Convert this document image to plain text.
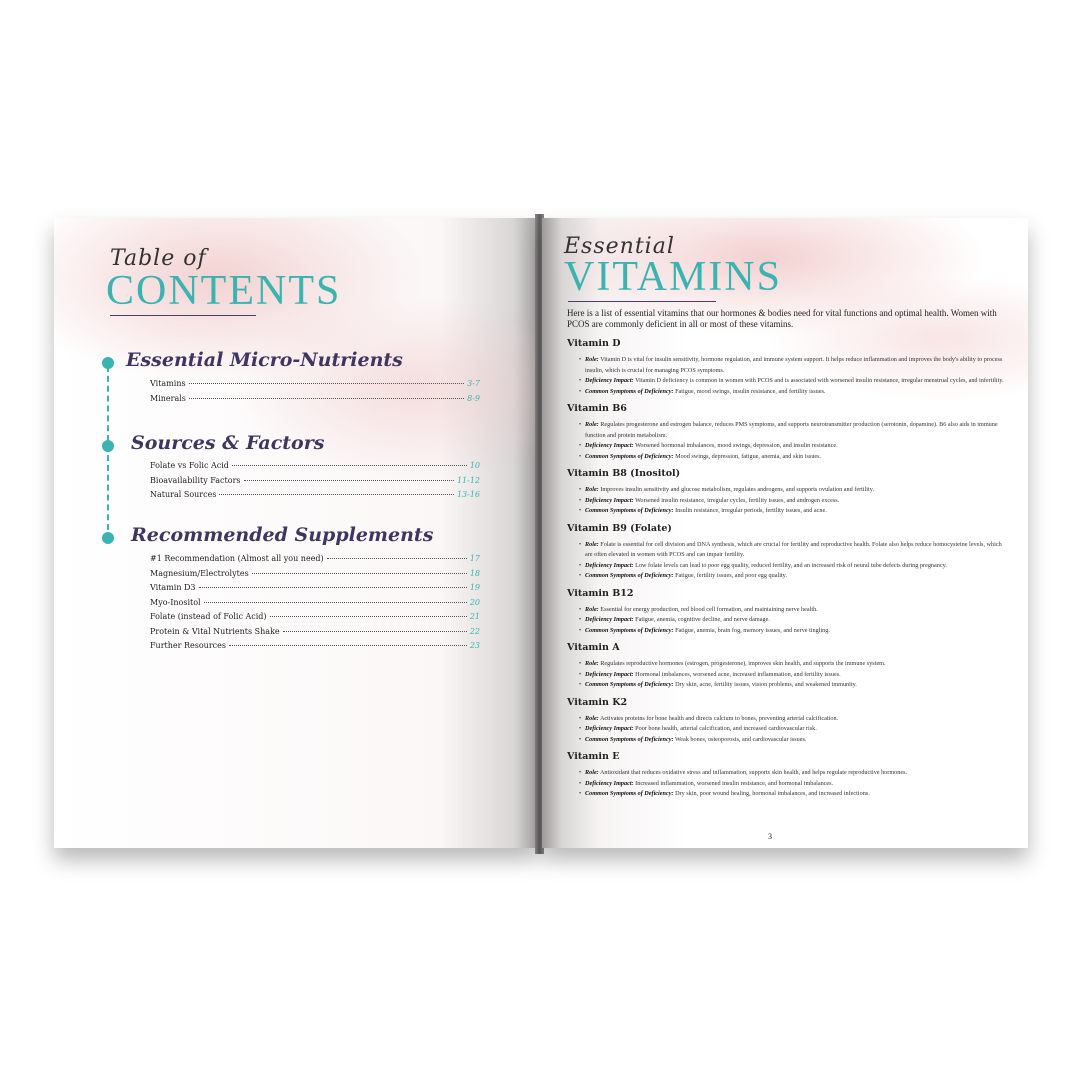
Table of
CONTENTS
Essential Micro-Nutrients
Vitamins	3-7
Minerals	8-9
Sources & Factors
Folate vs Folic Acid	10
Bioavailability Factors	11-12
Natural Sources	13-16
Recommended Supplements
#1 Recommendation (Almost all you need)	17
Magnesium/Electrolytes	18
Vitamin D3	19
Myo-Inositol	20
Folate (instead of Folic Acid)	21
Protein & Vital Nutrients Shake	22
Further Resources	23
Essential
VITAMINS
Here is a list of essential vitamins that our hormones & bodies need for vital functions and optimal health. Women with PCOS are commonly deficient in all or most of these vitamins.
Vitamin D
• Role: Vitamin D is vital for insulin sensitivity, hormone regulation, and immune system support. It helps reduce inflammation and improves the body's ability to process insulin, which is crucial for managing PCOS symptoms.
• Deficiency Impact: Vitamin D deficiency is common in women with PCOS and is associated with worsened insulin resistance, irregular menstrual cycles, and infertility.
• Common Symptoms of Deficiency: Fatigue, mood swings, insulin resistance, and fertility issues.
Vitamin B6
• Role: Regulates progesterone and estrogen balance, reduces PMS symptoms, and supports neurotransmitter production (serotonin, dopamine). B6 also aids in immune function and protein metabolism.
• Deficiency Impact: Worsened hormonal imbalances, mood swings, depression, and insulin resistance.
• Common Symptoms of Deficiency: Mood swings, depression, fatigue, anemia, and skin issues.
Vitamin B8 (Inositol)
• Role: Improves insulin sensitivity and glucose metabolism, regulates androgens, and supports ovulation and fertility.
• Deficiency Impact: Worsened insulin resistance, irregular cycles, fertility issues, and androgen excess.
• Common Symptoms of Deficiency: Insulin resistance, irregular periods, fertility issues, and acne.
Vitamin B9 (Folate)
• Role: Folate is essential for cell division and DNA synthesis, which are crucial for fertility and reproductive health. Folate also helps reduce homocysteine levels, which are often elevated in women with PCOS and can impair fertility.
• Deficiency Impact: Low folate levels can lead to poor egg quality, reduced fertility, and an increased risk of neural tube defects during pregnancy.
• Common Symptoms of Deficiency: Fatigue, fertility issues, and poor egg quality.
Vitamin B12
• Role: Essential for energy production, red blood cell formation, and maintaining nerve health.
• Deficiency Impact: Fatigue, anemia, cognitive decline, and nerve damage.
• Common Symptoms of Deficiency: Fatigue, anemia, brain fog, memory issues, and nerve tingling.
Vitamin A
• Role: Regulates reproductive hormones (estrogen, progesterone), improves skin health, and supports the immune system.
• Deficiency Impact: Hormonal imbalances, worsened acne, increased inflammation, and fertility issues.
• Common Symptoms of Deficiency: Dry skin, acne, fertility issues, vision problems, and weakened immunity.
Vitamin K2
• Role: Activates proteins for bone health and directs calcium to bones, preventing arterial calcification.
• Deficiency Impact: Poor bone health, arterial calcification, and increased cardiovascular risk.
• Common Symptoms of Deficiency: Weak bones, osteoporosis, and cardiovascular issues.
Vitamin E
• Role: Antioxidant that reduces oxidative stress and inflammation, supports skin health, and helps regulate reproductive hormones.
• Deficiency Impact: Increased inflammation, worsened insulin resistance, and hormonal imbalances.
• Common Symptoms of Deficiency: Dry skin, poor wound healing, hormonal imbalances, and increased infections.
3
